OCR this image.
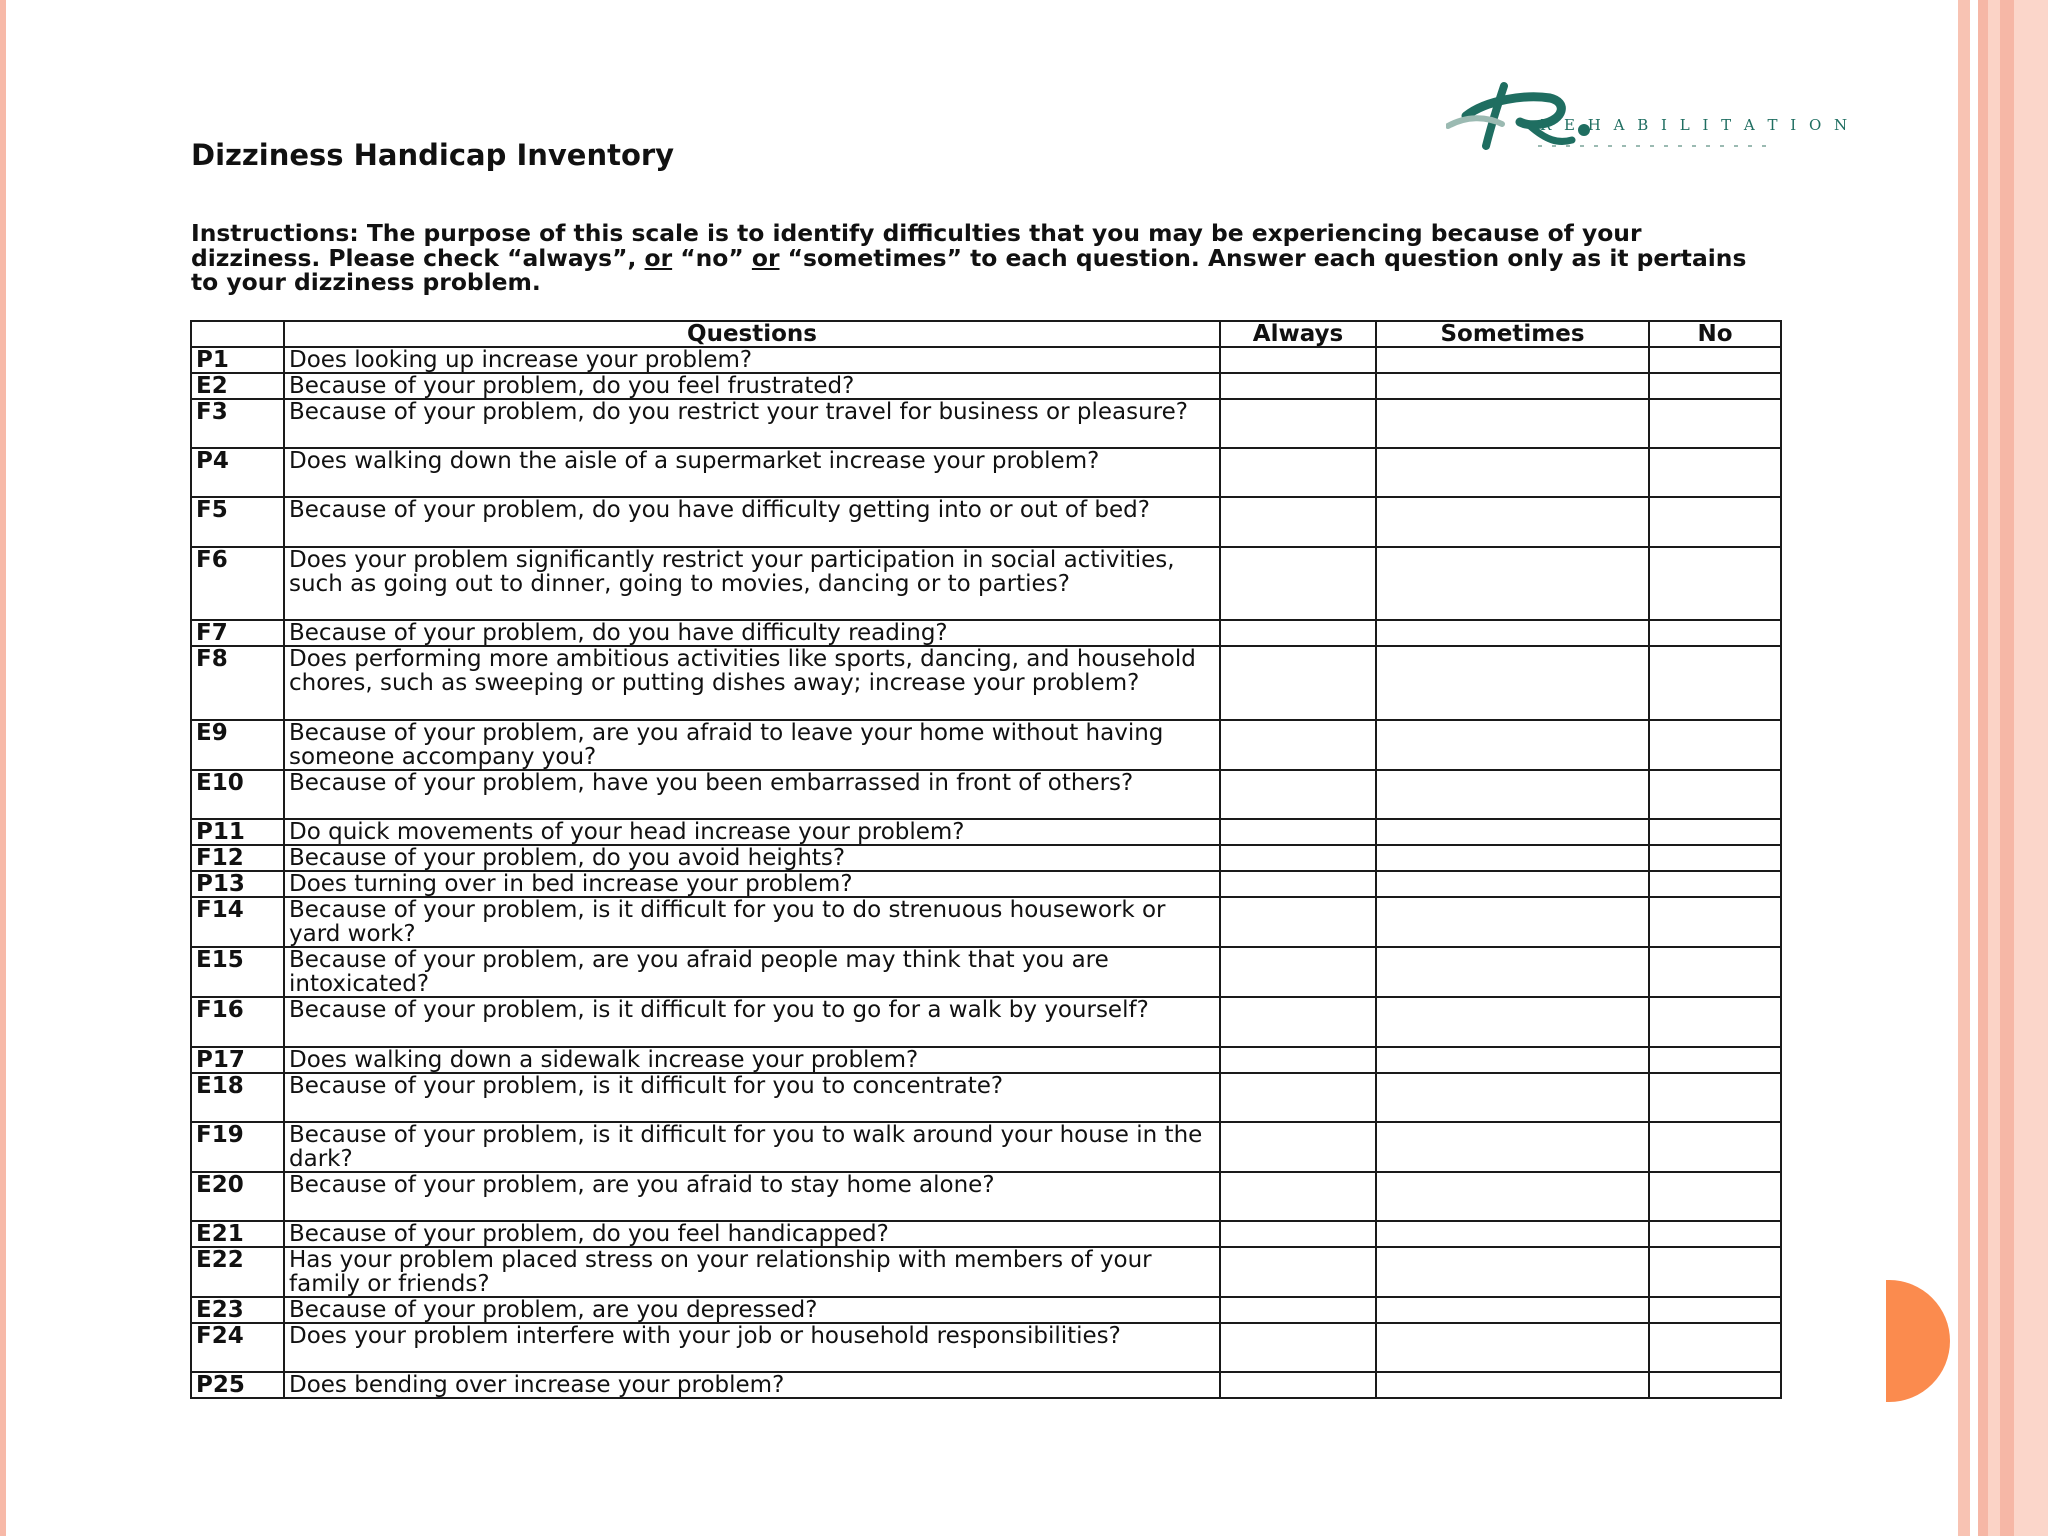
R E H A B I L I T A T I O N
Dizziness Handicap Inventory
Instructions: The purpose of this scale is to identify difficulties that you may be experiencing because of your dizziness. Please check “always”, or “no” or “sometimes” to each question. Answer each question only as it pertains to your dizziness problem.
	Questions	Always	Sometimes	No
P1	Does looking up increase your problem?			
E2	Because of your problem, do you feel frustrated?			
F3	Because of your problem, do you restrict your travel for business or pleasure?			
P4	Does walking down the aisle of a supermarket increase your problem?			
F5	Because of your problem, do you have difficulty getting into or out of bed?			
F6	Does your problem significantly restrict your participation in social activities, such as going out to dinner, going to movies, dancing or to parties?			
F7	Because of your problem, do you have difficulty reading?			
F8	Does performing more ambitious activities like sports, dancing, and household chores, such as sweeping or putting dishes away; increase your problem?			
E9	Because of your problem, are you afraid to leave your home without having someone accompany you?			
E10	Because of your problem, have you been embarrassed in front of others?			
P11	Do quick movements of your head increase your problem?			
F12	Because of your problem, do you avoid heights?			
P13	Does turning over in bed increase your problem?			
F14	Because of your problem, is it difficult for you to do strenuous housework or yard work?			
E15	Because of your problem, are you afraid people may think that you are intoxicated?			
F16	Because of your problem, is it difficult for you to go for a walk by yourself?			
P17	Does walking down a sidewalk increase your problem?			
E18	Because of your problem, is it difficult for you to concentrate?			
F19	Because of your problem, is it difficult for you to walk around your house in the dark?			
E20	Because of your problem, are you afraid to stay home alone?			
E21	Because of your problem, do you feel handicapped?			
E22	Has your problem placed stress on your relationship with members of your family or friends?			
E23	Because of your problem, are you depressed?			
F24	Does your problem interfere with your job or household responsibilities?			
P25	Does bending over increase your problem?			
